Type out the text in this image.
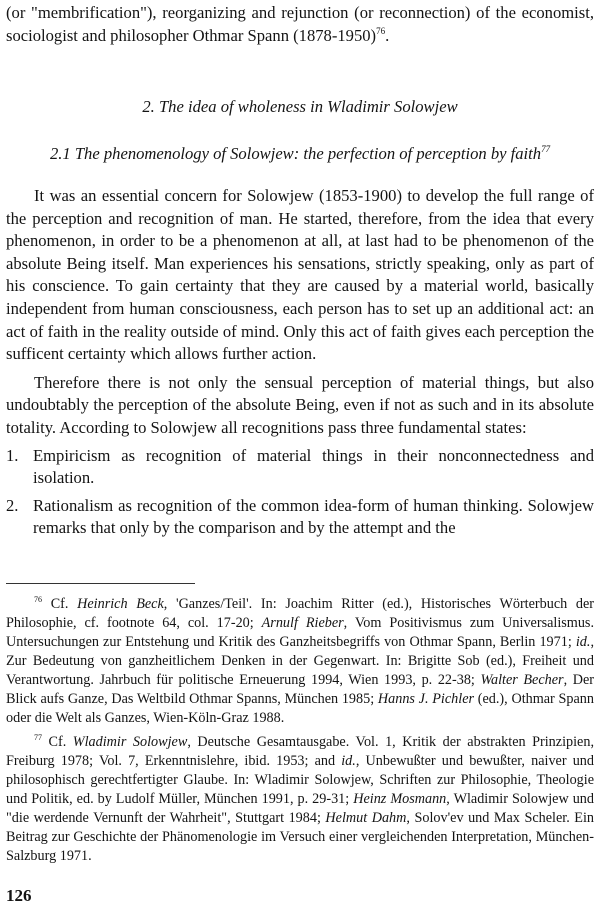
(or "membrification"), reorganizing and rejunction (or reconnection) of the economist, sociologist and philosopher Othmar Spann (1878-1950)$^{76}$.

2. The idea of wholeness in Wladimir Solowjew
2.1 The phenomenology of Solowjew: the perfection of perception by faith$^{77}$

It was an essential concern for Solowjew (1853-1900) to develop the full range of the perception and recognition of man. He started, therefore, from the idea that every phenomenon, in order to be a phenomenon at all, at last had to be phenomenon of the absolute Being itself. Man experiences his sensations, strictly speaking, only as part of his conscience. To gain certainty that they are caused by a material world, basically independent from human consciousness, each person has to set up an additional act: an act of faith in the reality outside of mind. Only this act of faith gives each perception the sufficent certainty which allows further action.

Therefore there is not only the sensual perception of material things, but also undoubtably the perception of the absolute Being, even if not as such and in its absolute totality. According to Solowjew all recognitions pass three fundamental states:

1. Empiricism as recognition of material things in their nonconnectedness and isolation.
2. Rationalism as recognition of the common idea-form of human thinking. Solowjew remarks that only by the comparison and by the attempt and the

$^{76}$ Cf. Heinrich Beck, 'Ganzes/Teil'. In: Joachim Ritter (ed.), Historisches Wörterbuch der Philosophie, cf. footnote 64, col. 17-20; Arnulf Rieber, Vom Positivismus zum Universalismus. Untersuchungen zur Entstehung und Kritik des Ganzheitsbegriffs von Othmar Spann, Berlin 1971; id., Zur Bedeutung von ganzheitlichem Denken in der Gegenwart. In: Brigitte Sob (ed.), Freiheit und Verantwortung. Jahrbuch für politische Erneuerung 1994, Wien 1993, p. 22-38; Walter Becher, Der Blick aufs Ganze, Das Weltbild Othmar Spanns, München 1985; Hanns J. Pichler (ed.), Othmar Spann oder die Welt als Ganzes, Wien-Köln-Graz 1988.

$^{77}$ Cf. Wladimir Solowjew, Deutsche Gesamtausgabe. Vol. 1, Kritik der abstrakten Prinzipien, Freiburg 1978; Vol. 7, Erkenntnislehre, ibid. 1953; and id., Unbewußter und bewußter, naiver und philosophisch gerechtfertigter Glaube. In: Wladimir Solowjew, Schriften zur Philosophie, Theologie und Politik, ed. by Ludolf Müller, München 1991, p. 29-31; Heinz Mosmann, Wladimir Solowjew und "die werdende Vernunft der Wahrheit", Stuttgart 1984; Helmut Dahm, Solov'ev und Max Scheler. Ein Beitrag zur Geschichte der Phänomenologie im Versuch einer vergleichenden Interpretation, München-Salzburg 1971.

126
